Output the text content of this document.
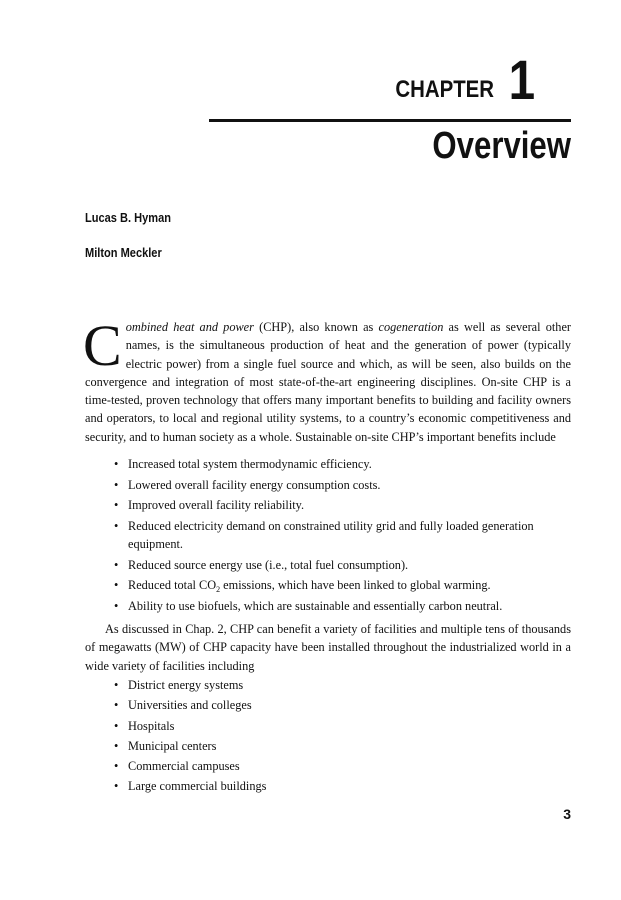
CHAPTER 1
Overview
Lucas B. Hyman
Milton Meckler
Combined heat and power (CHP), also known as cogeneration as well as several other names, is the simultaneous production of heat and the generation of power (typically electric power) from a single fuel source and which, as will be seen, also builds on the convergence and integration of most state-of-the-art engineering disciplines. On-site CHP is a time-tested, proven technology that offers many important benefits to building and facility owners and operators, to local and regional utility systems, to a country’s economic competitiveness and security, and to human society as a whole. Sustainable on-site CHP’s important benefits include
• Increased total system thermodynamic efficiency.
• Lowered overall facility energy consumption costs.
• Improved overall facility reliability.
• Reduced electricity demand on constrained utility grid and fully loaded generation equipment.
• Reduced source energy use (i.e., total fuel consumption).
• Reduced total $CO_2$ emissions, which have been linked to global warming.
• Ability to use biofuels, which are sustainable and essentially carbon neutral.
As discussed in Chap. 2, CHP can benefit a variety of facilities and multiple tens of thousands of megawatts (MW) of CHP capacity have been installed throughout the industrialized world in a wide variety of facilities including
• District energy systems
• Universities and colleges
• Hospitals
• Municipal centers
• Commercial campuses
• Large commercial buildings
3
